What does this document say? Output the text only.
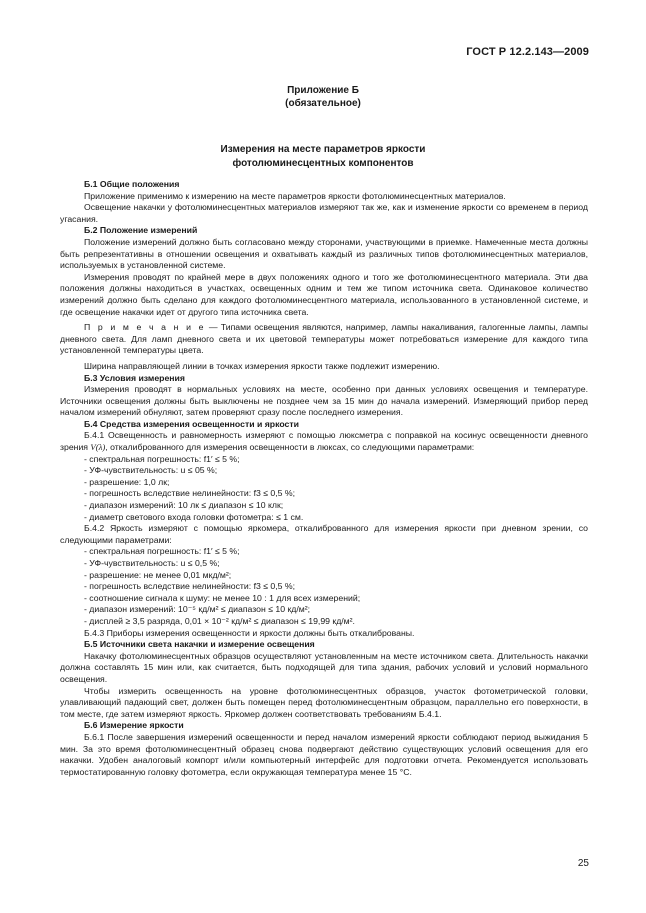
ГОСТ Р 12.2.143—2009
Приложение Б
(обязательное)
Измерения на месте параметров яркости
фотолюминесцентных компонентов

Б.1 Общие положения

Приложение применимо к измерению на месте параметров яркости фотолюминесцентных материалов.

Освещение накачки у фотолюминесцентных материалов измеряют так же, как и изменение яркости со временем в период угасания.

Б.2 Положение измерений

Положение измерений должно быть согласовано между сторонами, участвующими в приемке. Намеченные места должны быть репрезентативны в отношении освещения и охватывать каждый из различных типов фотолюминесцентных материалов, используемых в установленной системе.

Измерения проводят по крайней мере в двух положениях одного и того же фотолюминесцентного материала. Эти два положения должны находиться в участках, освещенных одним и тем же типом источника света. Одинаковое количество измерений должно быть сделано для каждого фотолюминесцентного материала, использованного в установленной системе, и где освещение накачки идет от другого типа источника света.

П р и м е ч а н и е — Типами освещения являются, например, лампы накаливания, галогенные лампы, лампы дневного света. Для ламп дневного света и их цветовой температуры может потребоваться измерение для каждого типа установленной температуры цвета.

Ширина направляющей линии в точках измерения яркости также подлежит измерению.

Б.3 Условия измерения

Измерения проводят в нормальных условиях на месте, особенно при данных условиях освещения и температуре. Источники освещения должны быть выключены не позднее чем за 15 мин до начала измерений. Измеряющий прибор перед началом измерений обнуляют, затем проверяют сразу после последнего измерения.

Б.4 Средства измерения освещенности и яркости

Б.4.1 Освещенность и равномерность измеряют с помощью люксметра с поправкой на косинус освещенности дневного зрения V(λ), откалиброванного для измерения освещенности в люксах, со следующими параметрами:

- спектральная погрешность: f1′ ≤ 5 %;

- УФ-чувствительность: u ≤ 05 %;

- разрешение: 1,0 лк;

- погрешность вследствие нелинейности: f3 ≤ 0,5 %;

- диапазон измерений: 10 лк ≤ диапазон ≤ 10 клк;

- диаметр светового входа головки фотометра: ≤ 1 см.

Б.4.2 Яркость измеряют с помощью яркомера, откалиброванного для измерения яркости при дневном зрении, со следующими параметрами:

- спектральная погрешность: f1′ ≤ 5 %;

- УФ-чувствительность: u ≤ 0,5 %;

- разрешение: не менее 0,01 мкд/м²;

- погрешность вследствие нелинейности: f3 ≤ 0,5 %;

- соотношение сигнала к шуму: не менее 10 : 1 для всех измерений;

- диапазон измерений: 10⁻⁵ кд/м² ≤ диапазон ≤ 10 кд/м²;

- дисплей ≥ 3,5 разряда, 0,01 × 10⁻² кд/м² ≤ диапазон ≤ 19,99 кд/м².

Б.4.3 Приборы измерения освещенности и яркости должны быть откалиброваны.

Б.5 Источники света накачки и измерение освещения

Накачку фотолюминесцентных образцов осуществляют установленным на месте источником света. Длительность накачки должна составлять 15 мин или, как считается, быть подходящей для типа здания, рабочих условий и условий нормального освещения.

Чтобы измерить освещенность на уровне фотолюминесцентных образцов, участок фотометрической головки, улавливающий падающий свет, должен быть помещен перед фотолюминесцентным образцом, параллельно его поверхности, в том месте, где затем измеряют яркость. Яркомер должен соответствовать требованиям Б.4.1.

Б.6 Измерение яркости

Б.6.1 После завершения измерений освещенности и перед началом измерений яркости соблюдают период выжидания 5 мин. За это время фотолюминесцентный образец снова подвергают действию существующих условий освещения для его накачки. Удобен аналоговый компорт и/или компьютерный интерфейс для подготовки отчета. Рекомендуется использовать термостатированную головку фотометра, если окружающая температура менее 15 °С.

25
